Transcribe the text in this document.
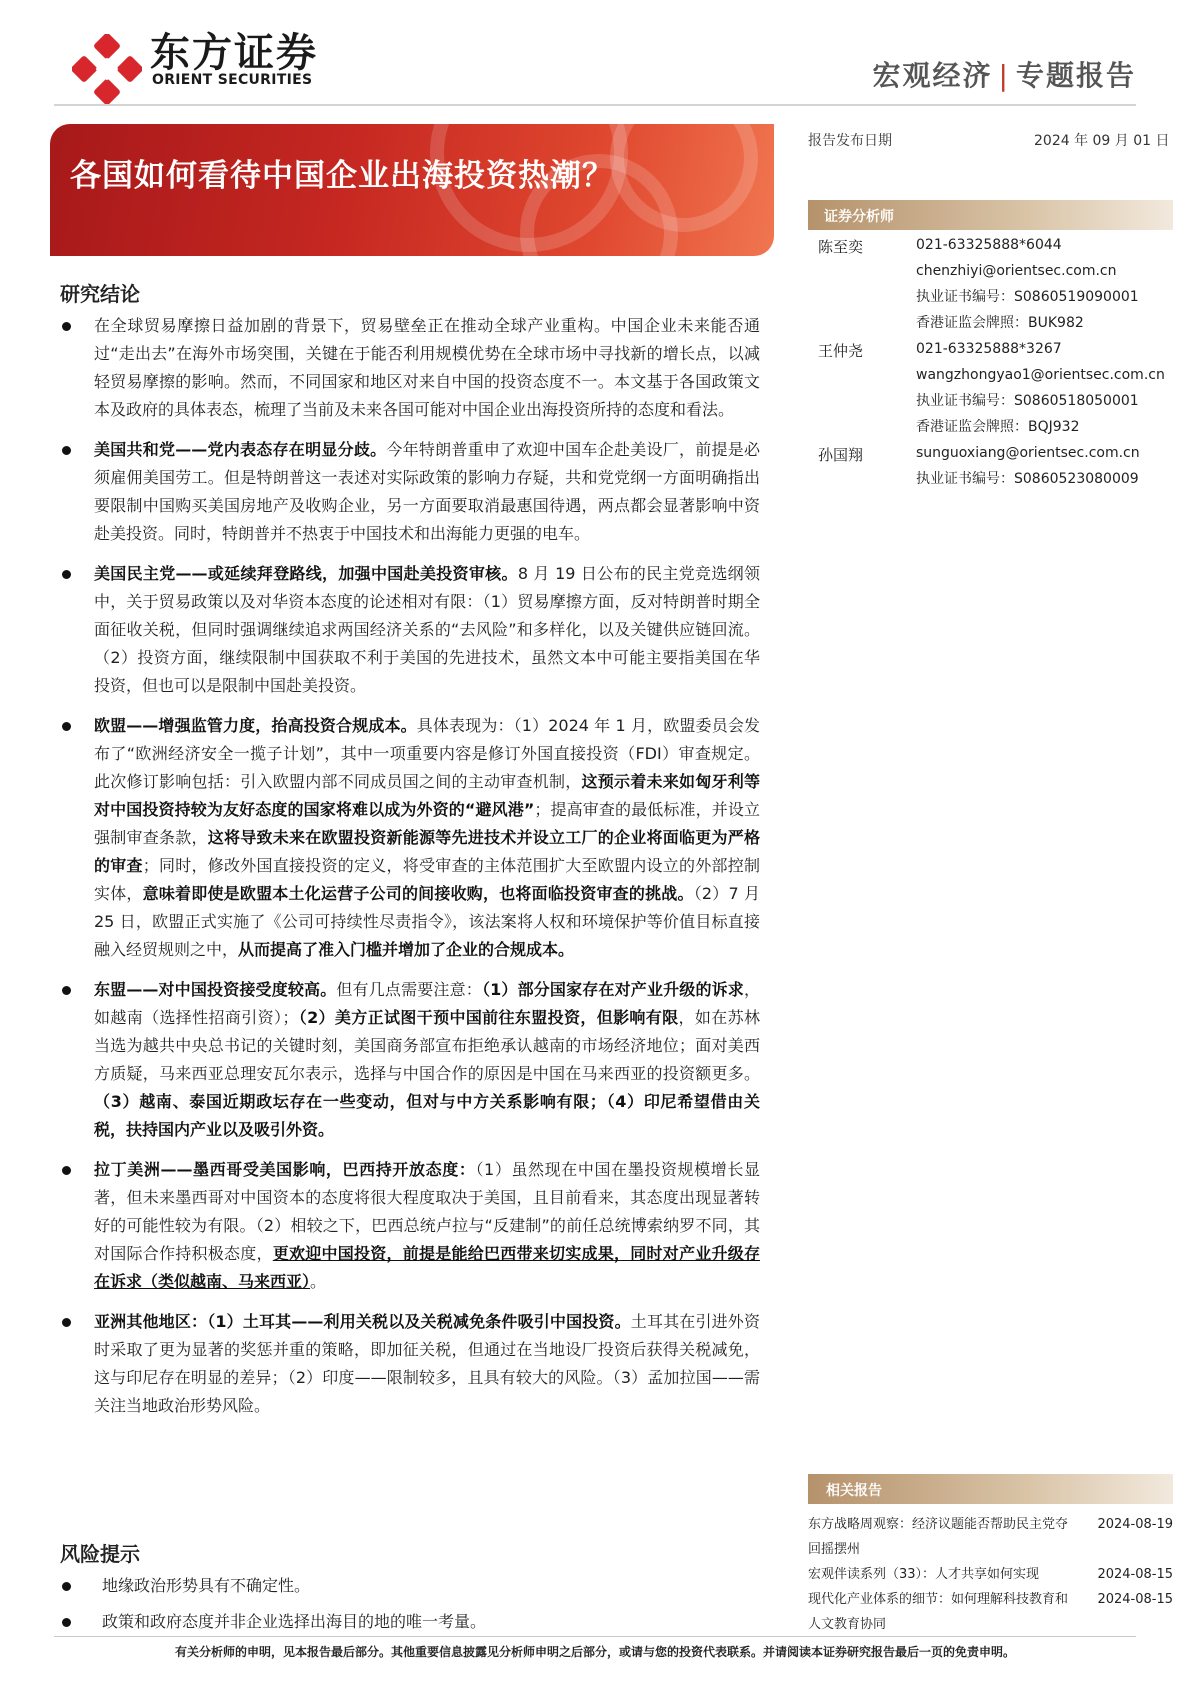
东方证券
ORIENT SECURITIES	宏观经济 | 专题报告
各国如何看待中国企业出海投资热潮？
报告发布日期	2024 年 09 月 01 日
证券分析师
陈至奕	021-63325888*6044
chenzhiyi@orientsec.com.cn
执业证书编号：S0860519090001
香港证监会牌照：BUK982
王仲尧	021-63325888*3267
wangzhongyao1@orientsec.com.cn
执业证书编号：S0860518050001
香港证监会牌照：BQJ932
孙国翔	sunguoxiang@orientsec.com.cn
执业证书编号：S0860523080009
研究结论

在全球贸易摩擦日益加剧的背景下，贸易壁垒正在推动全球产业重构。中国企业未来能否通过“走出去”在海外市场突围，关键在于能否利用规模优势在全球市场中寻找新的增长点，以减轻贸易摩擦的影响。然而，不同国家和地区对来自中国的投资态度不一。本文基于各国政策文本及政府的具体表态，梳理了当前及未来各国可能对中国企业出海投资所持的态度和看法。

美国共和党——党内表态存在明显分歧。今年特朗普重申了欢迎中国车企赴美设厂，前提是必须雇佣美国劳工。但是特朗普这一表述对实际政策的影响力存疑，共和党党纲一方面明确指出要限制中国购买美国房地产及收购企业，另一方面要取消最惠国待遇，两点都会显著影响中资赴美投资。同时，特朗普并不热衷于中国技术和出海能力更强的电车。

美国民主党——或延续拜登路线，加强中国赴美投资审核。8 月 19 日公布的民主党竞选纲领中，关于贸易政策以及对华资本态度的论述相对有限：（1）贸易摩擦方面，反对特朗普时期全面征收关税，但同时强调继续追求两国经济关系的“去风险”和多样化，以及关键供应链回流。（2）投资方面，继续限制中国获取不利于美国的先进技术，虽然文本中可能主要指美国在华投资，但也可以是限制中国赴美投资。

欧盟——增强监管力度，抬高投资合规成本。具体表现为：（1）2024 年 1 月，欧盟委员会发布了“欧洲经济安全一揽子计划”，其中一项重要内容是修订外国直接投资（FDI）审查规定。此次修订影响包括：引入欧盟内部不同成员国之间的主动审查机制，这预示着未来如匈牙利等对中国投资持较为友好态度的国家将难以成为外资的“避风港”；提高审查的最低标准，并设立强制审查条款，这将导致未来在欧盟投资新能源等先进技术并设立工厂的企业将面临更为严格的审查；同时，修改外国直接投资的定义，将受审查的主体范围扩大至欧盟内设立的外部控制实体，意味着即使是欧盟本土化运营子公司的间接收购，也将面临投资审查的挑战。（2）7 月 25 日，欧盟正式实施了《公司可持续性尽责指令》，该法案将人权和环境保护等价值目标直接融入经贸规则之中，从而提高了准入门槛并增加了企业的合规成本。

东盟——对中国投资接受度较高。但有几点需要注意：（1）部分国家存在对产业升级的诉求，如越南（选择性招商引资）；（2）美方正试图干预中国前往东盟投资，但影响有限，如在苏林当选为越共中央总书记的关键时刻，美国商务部宣布拒绝承认越南的市场经济地位；面对美西方质疑，马来西亚总理安瓦尔表示，选择与中国合作的原因是中国在马来西亚的投资额更多。（3）越南、泰国近期政坛存在一些变动，但对与中方关系影响有限；（4）印尼希望借由关税，扶持国内产业以及吸引外资。

拉丁美洲——墨西哥受美国影响，巴西持开放态度：（1）虽然现在中国在墨投资规模增长显著，但未来墨西哥对中国资本的态度将很大程度取决于美国，且目前看来，其态度出现显著转好的可能性较为有限。（2）相较之下，巴西总统卢拉与“反建制”的前任总统博索纳罗不同，其对国际合作持积极态度，更欢迎中国投资，前提是能给巴西带来切实成果，同时对产业升级存在诉求（类似越南、马来西亚）。

亚洲其他地区：（1）土耳其——利用关税以及关税减免条件吸引中国投资。土耳其在引进外资时采取了更为显著的奖惩并重的策略，即加征关税，但通过在当地设厂投资后获得关税减免，这与印尼存在明显的差异；（2）印度——限制较多，且具有较大的风险。（3）孟加拉国——需关注当地政治形势风险。

风险提示
地缘政治形势具有不确定性。
政策和政府态度并非企业选择出海目的地的唯一考量。
相关报告
东方战略周观察：经济议题能否帮助民主党夺回摇摆州
2024-08-19
宏观伴读系列（33）：人才共享如何实现	2024-08-15
现代化产业体系的细节：如何理解科技教育和人文教育协同
2024-08-15
有关分析师的申明，见本报告最后部分。其他重要信息披露见分析师申明之后部分，或请与您的投资代表联系。并请阅读本证券研究报告最后一页的免责申明。
